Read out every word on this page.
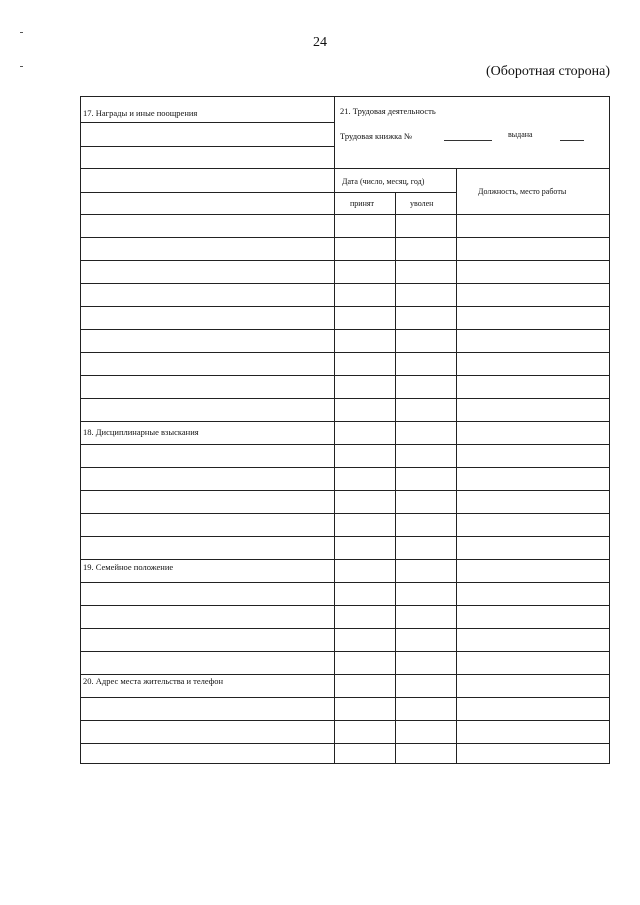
24
(Оборотная сторона)
17. Награды и иные поощрения
18. Дисциплинарные взыскания
19. Семейное положение
20. Адрес места жительства и телефон
21. Трудовая деятельность
Трудовая книжка №	выдана
Дата (число, месяц, год)
принят	уволен
Должность, место работы
